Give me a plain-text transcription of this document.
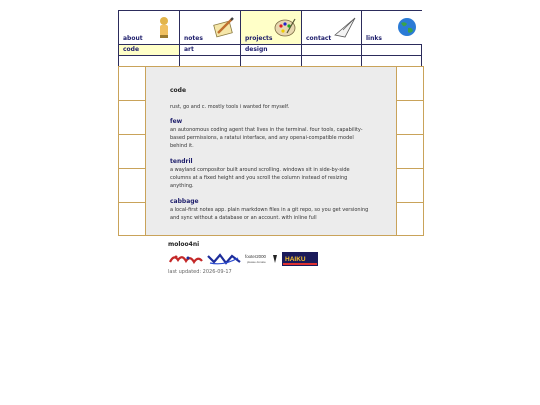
about	notes	projects	contact	links
code	art	design
code

rust, go and c. mostly tools i wanted for myself.

few

an autonomous coding agent that lives in the terminal. four tools, capability-based permissions, a ratatui interface, and any openai-compatible model behind it.

tendril

a wayland compositor built around scrolling. windows sit in side-by-side columns at a fixed height and you scroll the column instead of resizing anything.

cabbage

a local-first notes app. plain markdown files in a git repo, so you get versioning and sync without a database or an account. with inline full

moloo4ni
footer2000
please donate	HAIKU
last updated: 2026-09-17
